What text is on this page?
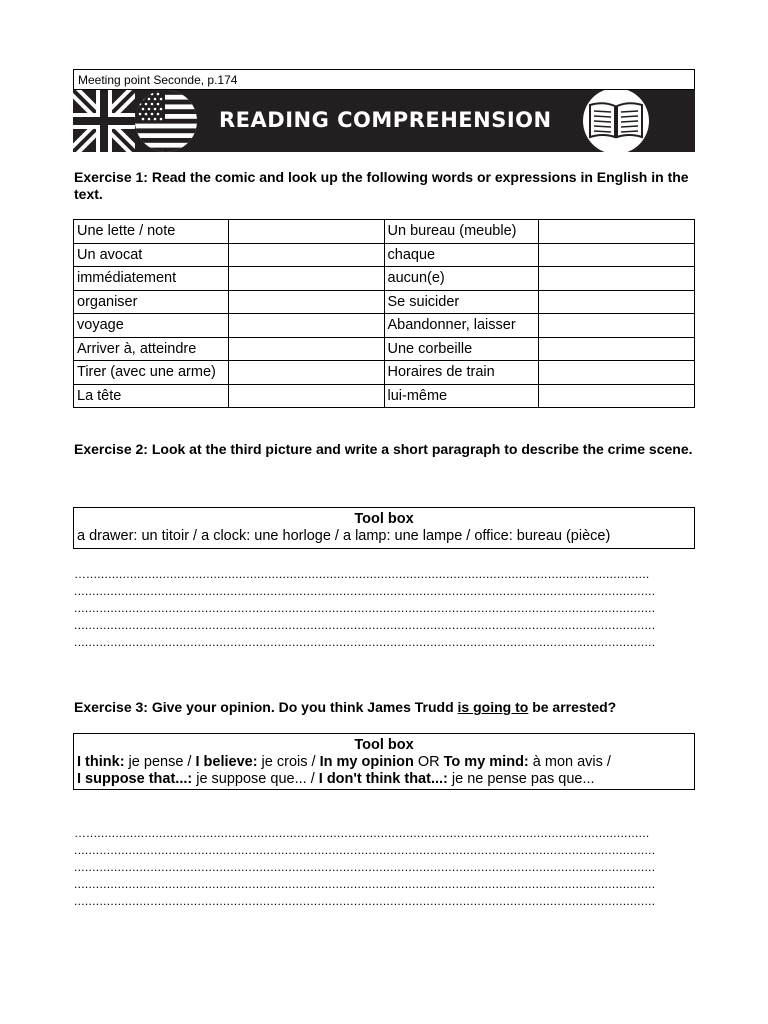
Meeting point Seconde, p.174
READING COMPREHENSION
Exercise 1: Read the comic and look up the following words or expressions in English in the text.
Une lette / note		Un bureau (meuble)	
Un avocat		chaque	
immédiatement		aucun(e)	
organiser		Se suicider	
voyage		Abandonner, laisser	
Arriver à, atteindre		Une corbeille	
Tirer (avec une arme)		Horaires de train	
La tête		lui-même	
Exercise 2: Look at the third picture and write a short paragraph to describe the crime scene.
Tool box
a drawer: un titoir / a clock: une horloge / a lamp: une lampe / office: bureau (pièce)
…...........................................................................................................................................................
................................................................................................................................................................
................................................................................................................................................................
................................................................................................................................................................
................................................................................................................................................................
Exercise 3: Give your opinion. Do you think James Trudd is going to be arrested?
Tool box
I think: je pense / I believe: je crois / In my opinion OR To my mind: à mon avis /
I suppose that...: je suppose que... / I don't think that...: je ne pense pas que...
…...........................................................................................................................................................
................................................................................................................................................................
................................................................................................................................................................
................................................................................................................................................................
................................................................................................................................................................
